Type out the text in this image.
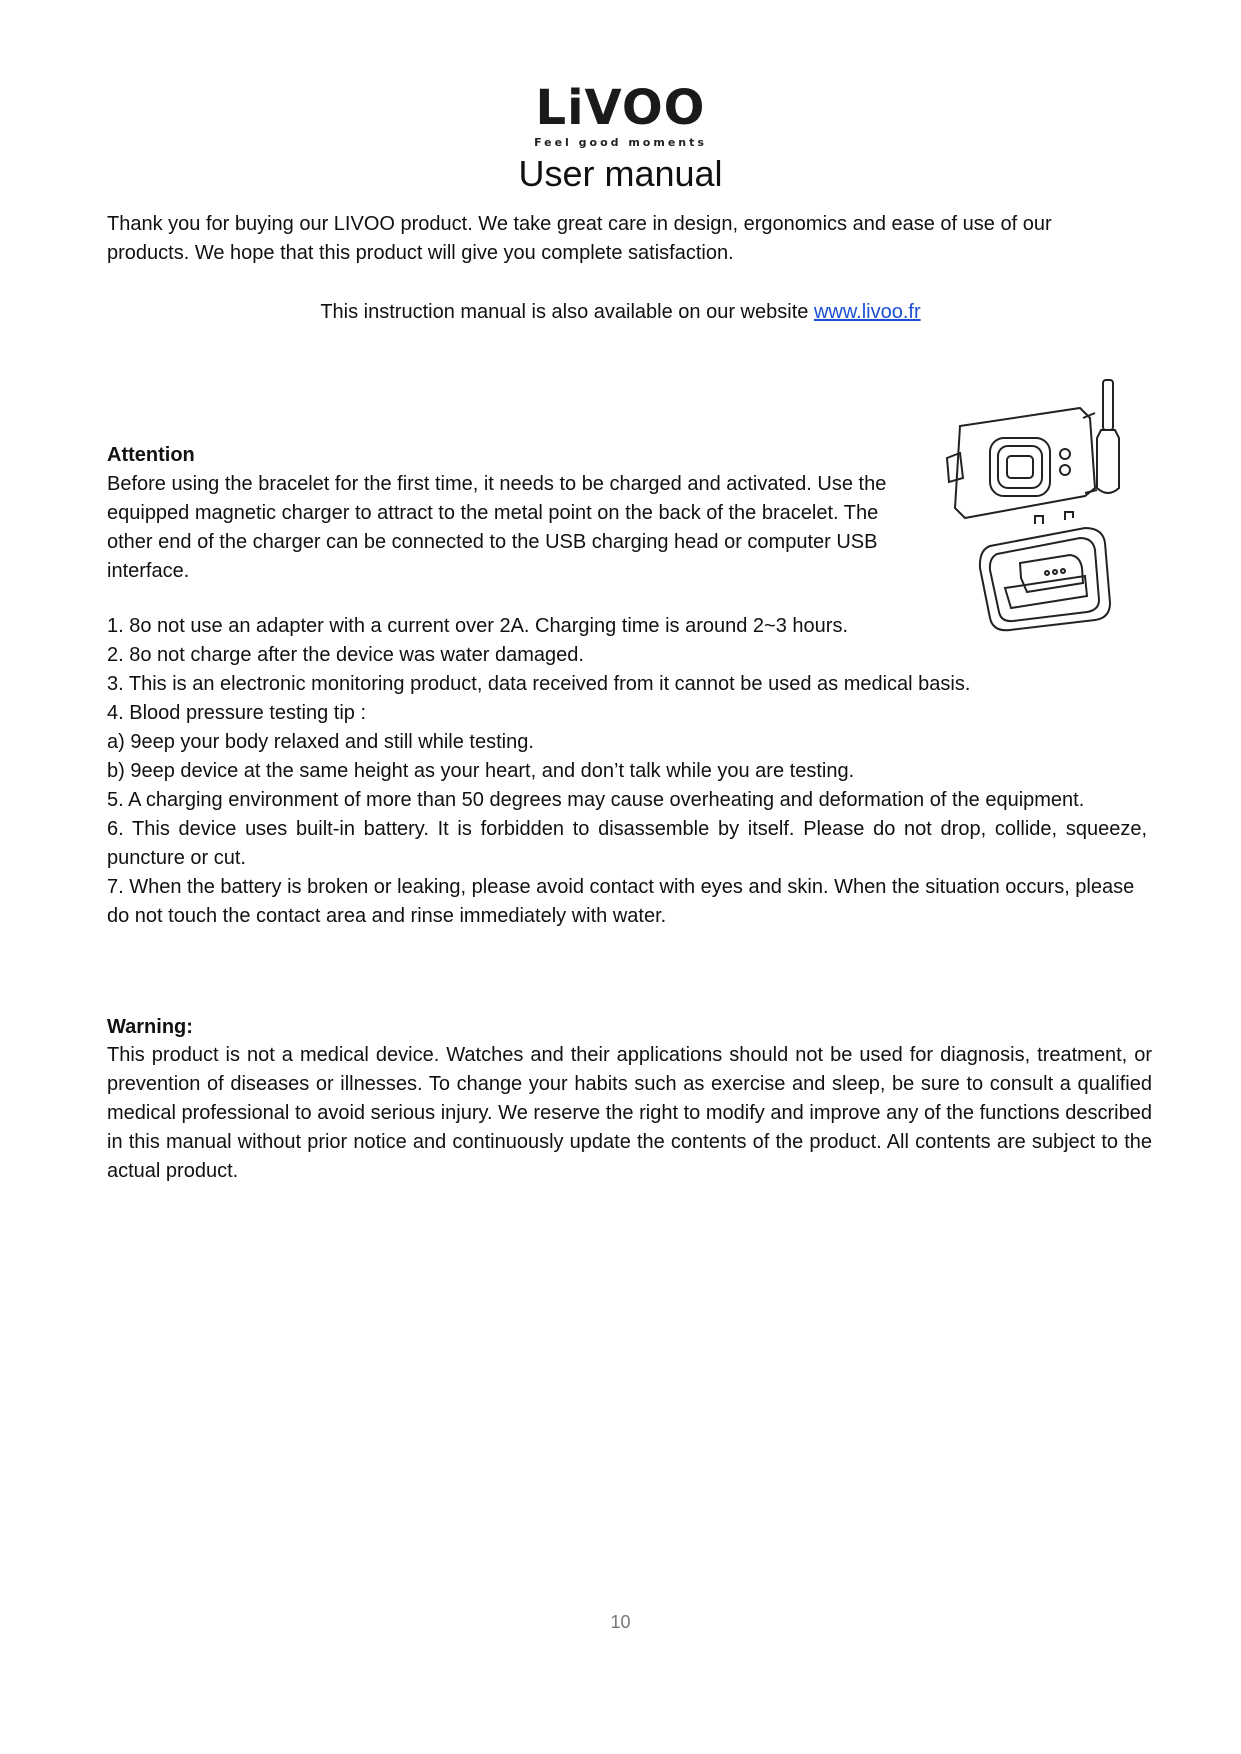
LiVOO
Feel good moments
User manual
Thank you for buying our LIVOO product. We take great care in design, ergonomics and ease of use of our products. We hope that this product will give you complete satisfaction.
This instruction manual is also available on our website www.livoo.fr
Attention
Before using the bracelet for the first time, it needs to be charged and activated. Use the equipped magnetic charger to attract to the metal point on the back of the bracelet. The other end of the charger can be connected to the USB charging head or computer USB interface.
1. 8o not use an adapter with a current over 2A. Charging time is around 2~3 hours.
2. 8o not charge after the device was water damaged.
3. This is an electronic monitoring product, data received from it cannot be used as medical basis.
4. Blood pressure testing tip :
a) 9eep your body relaxed and still while testing.
b) 9eep device at the same height as your heart, and don’t talk while you are testing.
5. A charging environment of more than 50 degrees may cause overheating and deformation of the equipment.
6. This device uses built-in battery. It is forbidden to disassemble by itself. Please do not drop, collide, squeeze, puncture or cut.
7. When the battery is broken or leaking, please avoid contact with eyes and skin. When the situation occurs, please do not touch the contact area and rinse immediately with water.
Warning:
This product is not a medical device. Watches and their applications should not be used for diagnosis, treatment, or prevention of diseases or illnesses. To change your habits such as exercise and sleep, be sure to consult a qualified medical professional to avoid serious injury. We reserve the right to modify and improve any of the functions described in this manual without prior notice and continuously update the contents of the product. All contents are subject to the actual product.
10
